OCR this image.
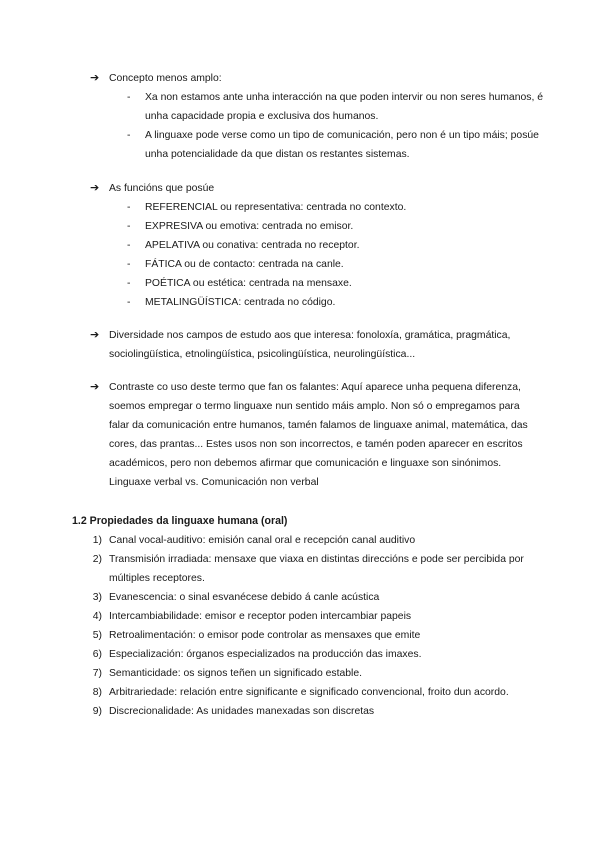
➔ Concepto menos amplo:
- Xa non estamos ante unha interacción na que poden intervir ou non seres humanos, é unha capacidade propia e exclusiva dos humanos.
- A linguaxe pode verse como un tipo de comunicación, pero non é un tipo máis; posúe unha potencialidade da que distan os restantes sistemas.
➔ As funcións que posúe
- REFERENCIAL ou representativa: centrada no contexto.
- EXPRESIVA ou emotiva: centrada no emisor.
- APELATIVA ou conativa: centrada no receptor.
- FÁTICA ou de contacto: centrada na canle.
- POÉTICA ou estética: centrada na mensaxe.
- METALINGÜÍSTICA: centrada no código.
➔ Diversidade nos campos de estudo aos que interesa: fonoloxía, gramática, pragmática, sociolingüística, etnolingüística, psicolingüística, neurolingüística...
➔ Contraste co uso deste termo que fan os falantes: Aquí aparece unha pequena diferenza, soemos empregar o termo linguaxe nun sentido máis amplo. Non só o empregamos para falar da comunicación entre humanos, tamén falamos de linguaxe animal, matemática, das cores, das prantas... Estes usos non son incorrectos, e tamén poden aparecer en escritos académicos, pero non debemos afirmar que comunicación e linguaxe son sinónimos.
Linguaxe verbal vs. Comunicación non verbal
1.2 Propiedades da linguaxe humana (oral)
1) Canal vocal-auditivo: emisión canal oral e recepción canal auditivo
2) Transmisión irradiada: mensaxe que viaxa en distintas direccións e pode ser percibida por múltiples receptores.
3) Evanescencia: o sinal esvanécese debido á canle acústica
4) Intercambiabilidade: emisor e receptor poden intercambiar papeis
5) Retroalimentación: o emisor pode controlar as mensaxes que emite
6) Especialización: órganos especializados na producción das imaxes.
7) Semanticidade: os signos teñen un significado estable.
8) Arbitrariedade: relación entre significante e significado convencional, froito dun acordo.
9) Discrecionalidade: As unidades manexadas son discretas
